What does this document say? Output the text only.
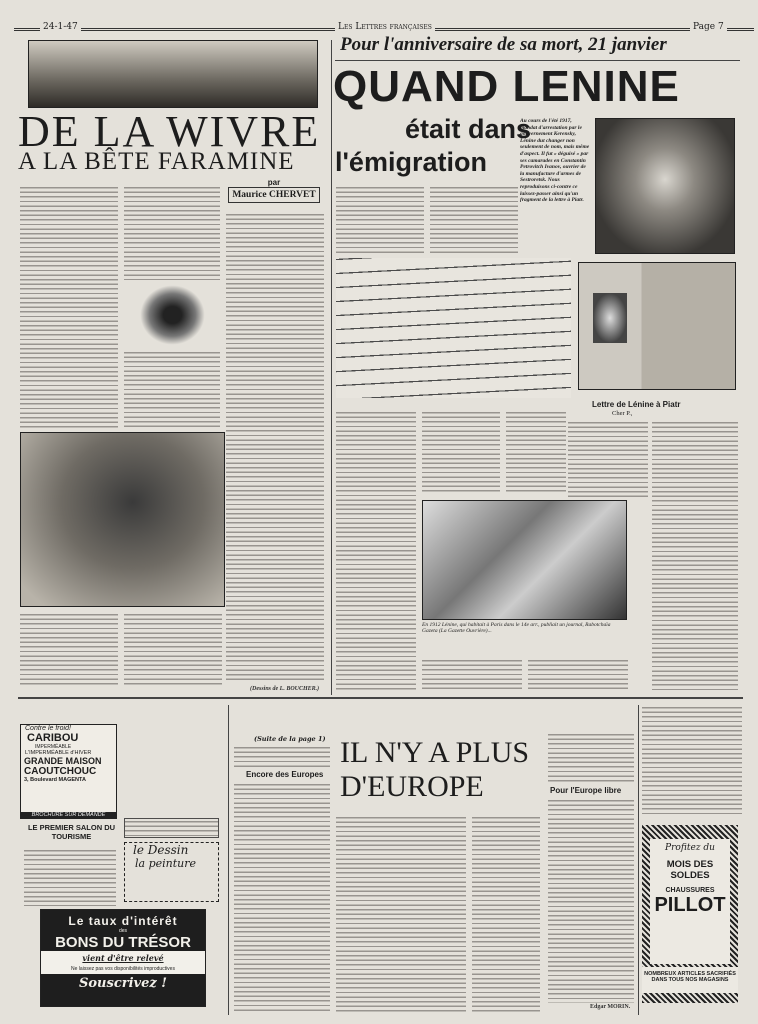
24-1-47	Les Lettres françaises	Page 7
DE LA WIVRE
A LA BÊTE FARAMINE
par
Maurice CHERVET
(Dessins de L. BOUCHER.)
Pour l'anniversaire de sa mort, 21 janvier
QUAND LENINE
était dans
l'émigration
Au cours de l'été 1917, mandat d'arrestation par le gouvernement Kerensky, Lénine dut changer non seulement de nom, mais même d'aspect. Il fut « déguisé » par ses camarades en Constantin Petrovitch Ivanov, ouvrier de la manufacture d'armes de Sestroretsk. Nous reproduisons ci-contre ce laissez-passer ainsi qu'un fragment de la lettre à Piatr.
Lettre de Lénine à Piatr
Cher P.,
En 1912 Lénine, qui habitait à Paris dans le 14e arr., publiait un journal, Rabotchaïa Gazeta (La Gazette Ouvrière)...
(Suite de la page 1)
Encore des Europes
IL N'Y A PLUS
D'EUROPE	Pour l'Europe libre
Edgar MORIN.
Contre le froid!
CARIBOU
IMPERMÉABLE
L'IMPERMÉABLE d'HIVER
GRANDE MAISON
CAOUTCHOUC
3, Boulevard MAGENTA
BROCHURE SUR DEMANDE
LE PREMIER SALON DU TOURISME
le Dessin
la peinture
Le taux d'intérêt
des
BONS DU TRÉSOR
vient d'être relevé
Ne laissez pas vos disponibilités improductives
Souscrivez !
Profitez du
MOIS DES SOLDES
CHAUSSURES
PILLOT
NOMBREUX ARTICLES SACRIFIÉS
DANS TOUS NOS MAGASINS
